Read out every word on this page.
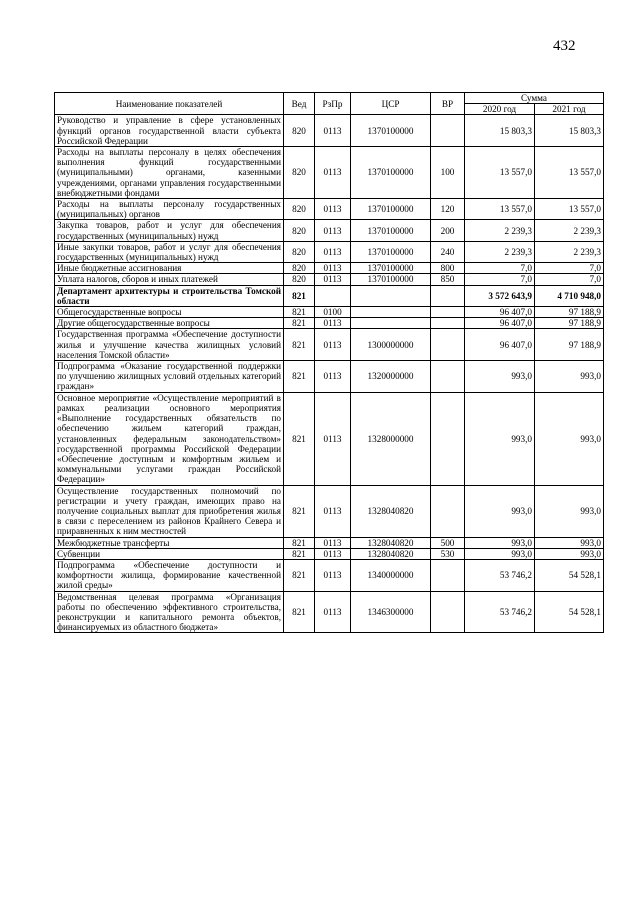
432
Наименование показателей	Вед	РзПр	ЦСР	ВР	Сумма	
					2020 год	2021 год
Руководство и управление в сфере установленных функций органов государственной власти субъекта Российской Федерации	820	0113	1370100000		15 803,3	15 803,3
Расходы на выплаты персоналу в целях обеспечения выполнения функций государственными (муниципальными) органами, казенными учреждениями, органами управления государственными внебюджетными фондами	820	0113	1370100000	100	13 557,0	13 557,0
Расходы на выплаты персоналу государственных (муниципальных) органов	820	0113	1370100000	120	13 557,0	13 557,0
Закупка товаров, работ и услуг для обеспечения государственных (муниципальных) нужд	820	0113	1370100000	200	2 239,3	2 239,3
Иные закупки товаров, работ и услуг для обеспечения государственных (муниципальных) нужд	820	0113	1370100000	240	2 239,3	2 239,3
Иные бюджетные ассигнования	820	0113	1370100000	800	7,0	7,0
Уплата налогов, сборов и иных платежей	820	0113	1370100000	850	7,0	7,0
Департамент архитектуры и строительства Томской области	821				3 572 643,9	4 710 948,0
Общегосударственные вопросы	821	0100			96 407,0	97 188,9
Другие общегосударственные вопросы	821	0113			96 407,0	97 188,9
Государственная программа «Обеспечение доступности жилья и улучшение качества жилищных условий населения Томской области»	821	0113	1300000000		96 407,0	97 188,9
Подпрограмма «Оказание государственной поддержки по улучшению жилищных условий отдельных категорий граждан»	821	0113	1320000000		993,0	993,0
Основное мероприятие «Осуществление мероприятий в рамках реализации основного мероприятия «Выполнение государственных обязательств по обеспечению жильем категорий граждан, установленных федеральным законодательством» государственной программы Российской Федерации «Обеспечение доступным и комфортным жильем и коммунальными услугами граждан Российской Федерации»	821	0113	1328000000		993,0	993,0
Осуществление государственных полномочий по регистрации и учету граждан, имеющих право на получение социальных выплат для приобретения жилья в связи с переселением из районов Крайнего Севера и приравненных к ним местностей	821	0113	1328040820		993,0	993,0
Межбюджетные трансферты	821	0113	1328040820	500	993,0	993,0
Субвенции	821	0113	1328040820	530	993,0	993,0
Подпрограмма «Обеспечение доступности и комфортности жилища, формирование качественной жилой среды»	821	0113	1340000000		53 746,2	54 528,1
Ведомственная целевая программа «Организация работы по обеспечению эффективного строительства, реконструкции и капитального ремонта объектов, финансируемых из областного бюджета»	821	0113	1346300000		53 746,2	54 528,1
